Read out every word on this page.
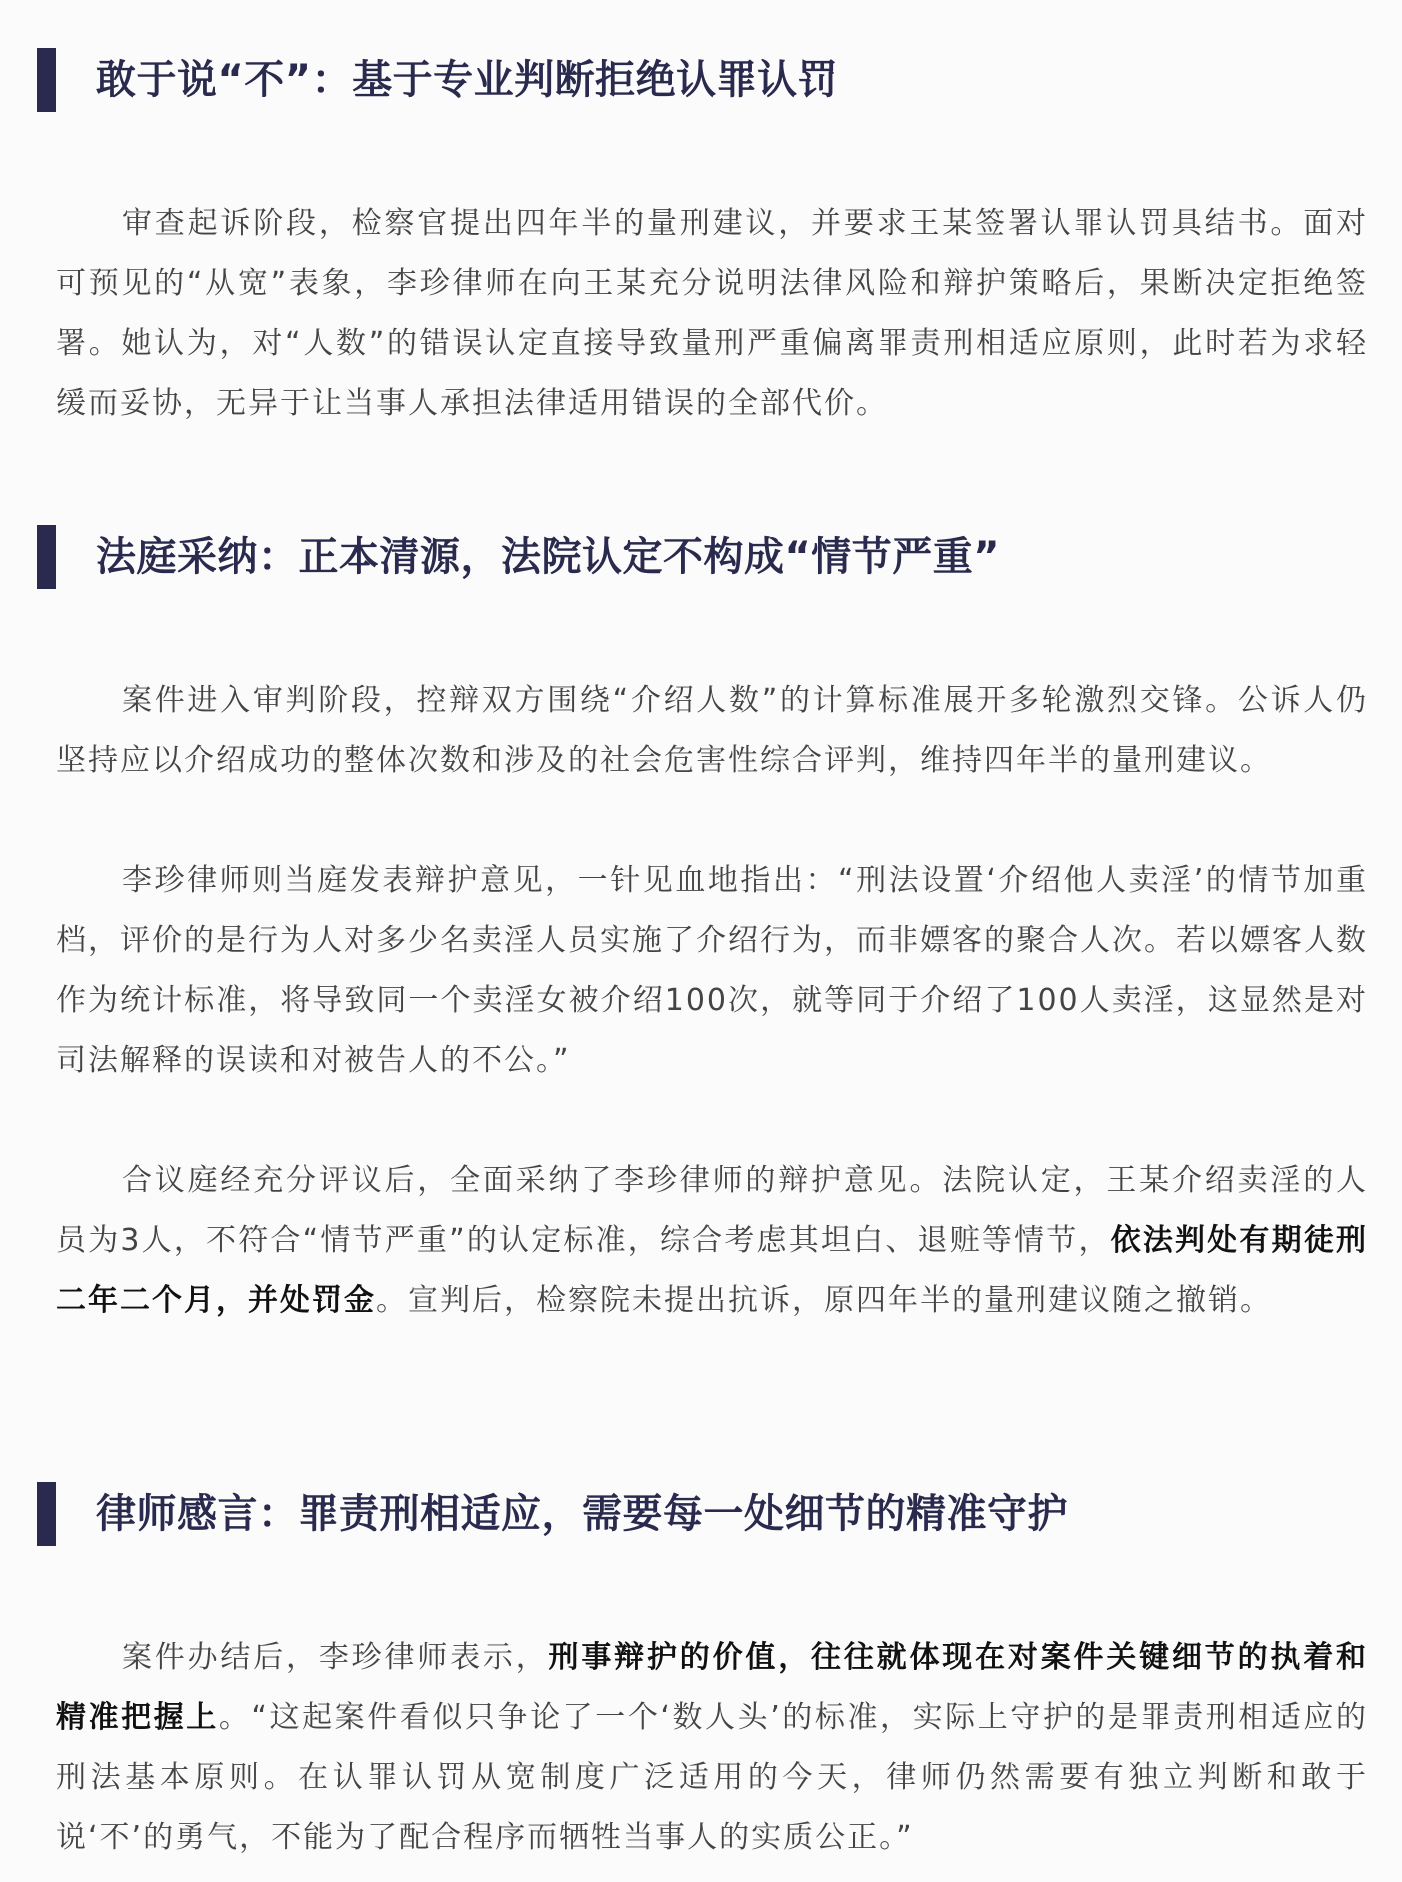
敢于说“不”：基于专业判断拒绝认罪认罚

审查起诉阶段，检察官提出四年半的量刑建议，并要求王某签署认罪认罚具结书。面对可预见的“从宽”表象，李珍律师在向王某充分说明法律风险和辩护策略后，果断决定拒绝签署。她认为，对“人数”的错误认定直接导致量刑严重偏离罪责刑相适应原则，此时若为求轻缓而妥协，无异于让当事人承担法律适用错误的全部代价。

法庭采纳：正本清源，法院认定不构成“情节严重”

案件进入审判阶段，控辩双方围绕“介绍人数”的计算标准展开多轮激烈交锋。公诉人仍坚持应以介绍成功的整体次数和涉及的社会危害性综合评判，维持四年半的量刑建议。

李珍律师则当庭发表辩护意见，一针见血地指出：“刑法设置‘介绍他人卖淫’的情节加重档，评价的是行为人对多少名卖淫人员实施了介绍行为，而非嫖客的聚合人次。若以嫖客人数作为统计标准，将导致同一个卖淫女被介绍100次，就等同于介绍了100人卖淫，这显然是对司法解释的误读和对被告人的不公。”

合议庭经充分评议后，全面采纳了李珍律师的辩护意见。法院认定，王某介绍卖淫的人员为3人，不符合“情节严重”的认定标准，综合考虑其坦白、退赃等情节，依法判处有期徒刑二年二个月，并处罚金。宣判后，检察院未提出抗诉，原四年半的量刑建议随之撤销。

律师感言：罪责刑相适应，需要每一处细节的精准守护

案件办结后，李珍律师表示，刑事辩护的价值，往往就体现在对案件关键细节的执着和精准把握上。“这起案件看似只争论了一个‘数人头’的标准，实际上守护的是罪责刑相适应的刑法基本原则。在认罪认罚从宽制度广泛适用的今天，律师仍然需要有独立判断和敢于说‘不’的勇气，不能为了配合程序而牺牲当事人的实质公正。”
